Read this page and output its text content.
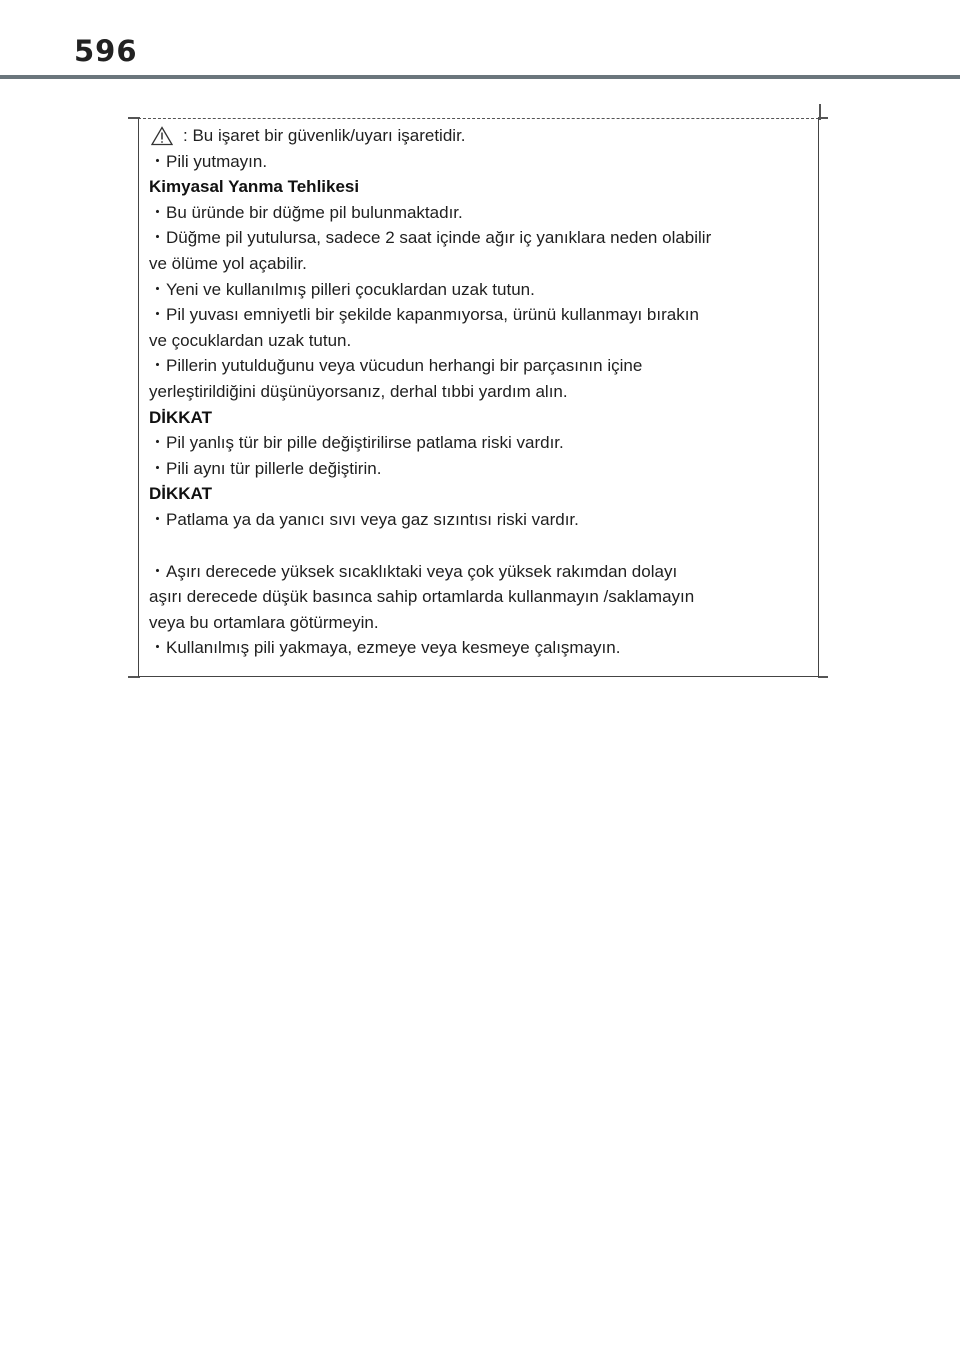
596
: Bu işaret bir güvenlik/uyarı işaretidir.

・Pili yutmayın.

Kimyasal Yanma Tehlikesi

・Bu üründe bir düğme pil bulunmaktadır.

・Düğme pil yutulursa, sadece 2 saat içinde ağır iç yanıklara neden olabilir

ve ölüme yol açabilir.

・Yeni ve kullanılmış pilleri çocuklardan uzak tutun.

・Pil yuvası emniyetli bir şekilde kapanmıyorsa, ürünü kullanmayı bırakın

ve çocuklardan uzak tutun.

・Pillerin yutulduğunu veya vücudun herhangi bir parçasının içine

yerleştirildiğini düşünüyorsanız, derhal tıbbi yardım alın.

DİKKAT

・Pil yanlış tür bir pille değiştirilirse patlama riski vardır.

・Pili aynı tür pillerle değiştirin.

DİKKAT

・Patlama ya da yanıcı sıvı veya gaz sızıntısı riski vardır.

・Aşırı derecede yüksek sıcaklıktaki veya çok yüksek rakımdan dolayı

aşırı derecede düşük basınca sahip ortamlarda kullanmayın /saklamayın

veya bu ortamlara götürmeyin.

・Kullanılmış pili yakmaya, ezmeye veya kesmeye çalışmayın.
